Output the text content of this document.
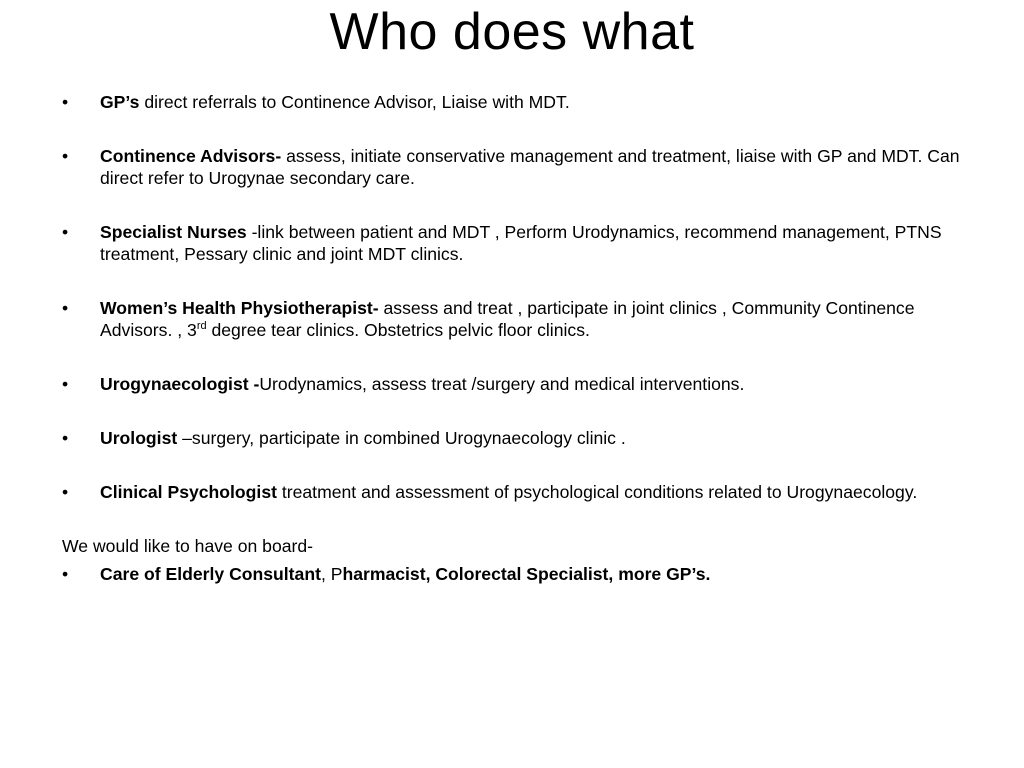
Who does what
•	GP’s direct referrals to Continence Advisor, Liaise with MDT.
•	Continence Advisors- assess, initiate conservative management and treatment, liaise with GP and MDT. Can direct refer to Urogynae secondary care.
•	Specialist Nurses -link between patient and MDT , Perform Urodynamics, recommend management, PTNS treatment, Pessary clinic and joint MDT clinics.
•	Women’s Health Physiotherapist- assess and treat , participate in joint clinics , Community Continence Advisors. , 3rd degree tear clinics. Obstetrics pelvic floor clinics.
•	Urogynaecologist -Urodynamics, assess treat /surgery and medical interventions.
•	Urologist –surgery, participate in combined Urogynaecology clinic .
•	Clinical Psychologist treatment and assessment of psychological conditions related to Urogynaecology.
We would like to have on board-
•	Care of Elderly Consultant, Pharmacist, Colorectal Specialist, more GP’s.
